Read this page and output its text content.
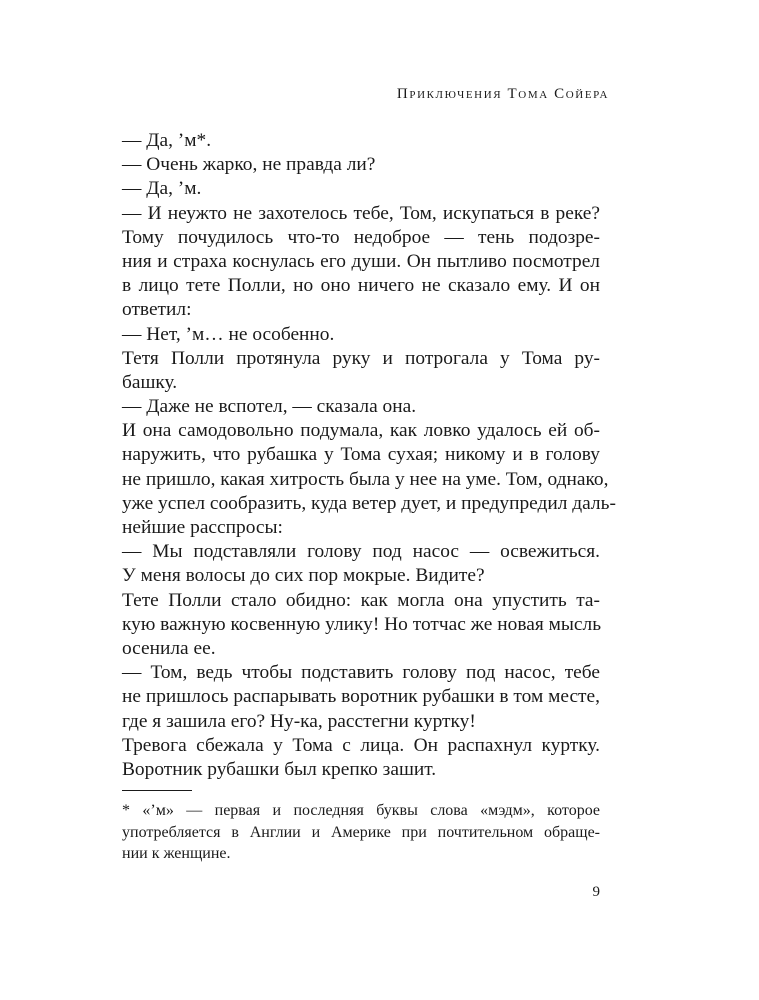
Приключения Тома Сойера
— Да, ’м*.
— Очень жарко, не правда ли?
— Да, ’м.
— И неужто не захотелось тебе, Том, искупаться в реке?
Тому почудилось что-то недоброе — тень подозре-
ния и страха коснулась его души. Он пытливо посмотрел
в лицо тете Полли, но оно ничего не сказало ему. И он
ответил:
— Нет, ’м… не особенно.
Тетя Полли протянула руку и потрогала у Тома ру-
башку.
— Даже не вспотел, — сказала она.
И она самодовольно подумала, как ловко удалось ей об-
наружить, что рубашка у Тома сухая; никому и в голову
не пришло, какая хитрость была у нее на уме. Том, однако,
уже успел сообразить, куда ветер дует, и предупредил даль-
нейшие расспросы:
— Мы подставляли голову под насос — освежиться.
У меня волосы до сих пор мокрые. Видите?
Тете Полли стало обидно: как могла она упустить та-
кую важную косвенную улику! Но тотчас же новая мысль
осенила ее.
— Том, ведь чтобы подставить голову под насос, тебе
не пришлось распарывать воротник рубашки в том месте,
где я зашила его? Ну-ка, расстегни куртку!
Тревога сбежала у Тома с лица. Он распахнул куртку.
Воротник рубашки был крепко зашит.
* «’м» — первая и последняя буквы слова «мэдм», которое
употребляется в Англии и Америке при почтительном обраще-
нии к женщине.
9
